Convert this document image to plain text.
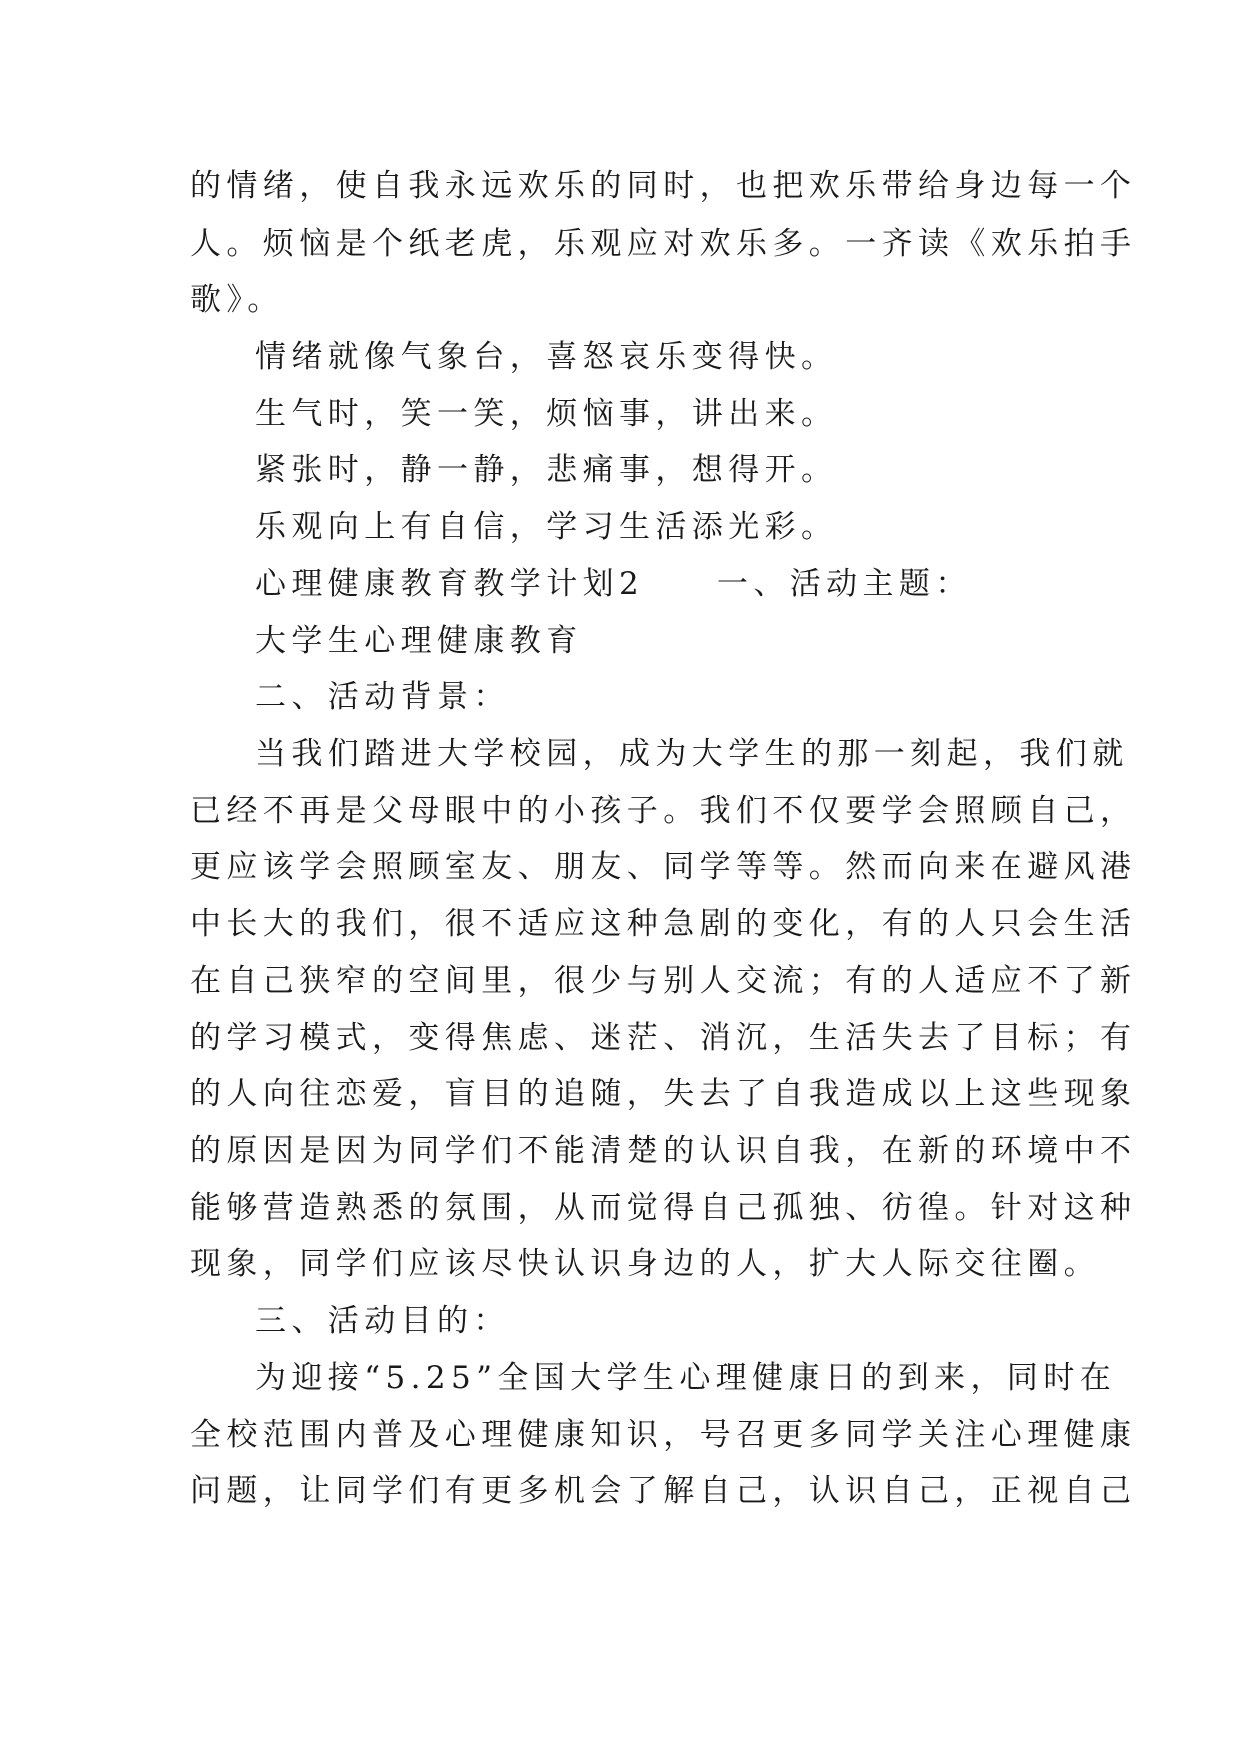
的情绪，使自我永远欢乐的同时，也把欢乐带给身边每一个
人。烦恼是个纸老虎，乐观应对欢乐多。一齐读《欢乐拍手
歌》。
情绪就像气象台，喜怒哀乐变得快。
生气时，笑一笑，烦恼事，讲出来。
紧张时，静一静，悲痛事，想得开。
乐观向上有自信，学习生活添光彩。
心理健康教育教学计划2　　一、活动主题：
大学生心理健康教育
二、活动背景：
当我们踏进大学校园，成为大学生的那一刻起，我们就
已经不再是父母眼中的小孩子。我们不仅要学会照顾自己，
更应该学会照顾室友、朋友、同学等等。然而向来在避风港
中长大的我们，很不适应这种急剧的变化，有的人只会生活
在自己狭窄的空间里，很少与别人交流；有的人适应不了新
的学习模式，变得焦虑、迷茫、消沉，生活失去了目标；有
的人向往恋爱，盲目的追随，失去了自我造成以上这些现象
的原因是因为同学们不能清楚的认识自我，在新的环境中不
能够营造熟悉的氛围，从而觉得自己孤独、彷徨。针对这种
现象，同学们应该尽快认识身边的人，扩大人际交往圈。
三、活动目的：
为迎接“5.25”全国大学生心理健康日的到来，同时在
全校范围内普及心理健康知识，号召更多同学关注心理健康
问题，让同学们有更多机会了解自己，认识自己，正视自己
